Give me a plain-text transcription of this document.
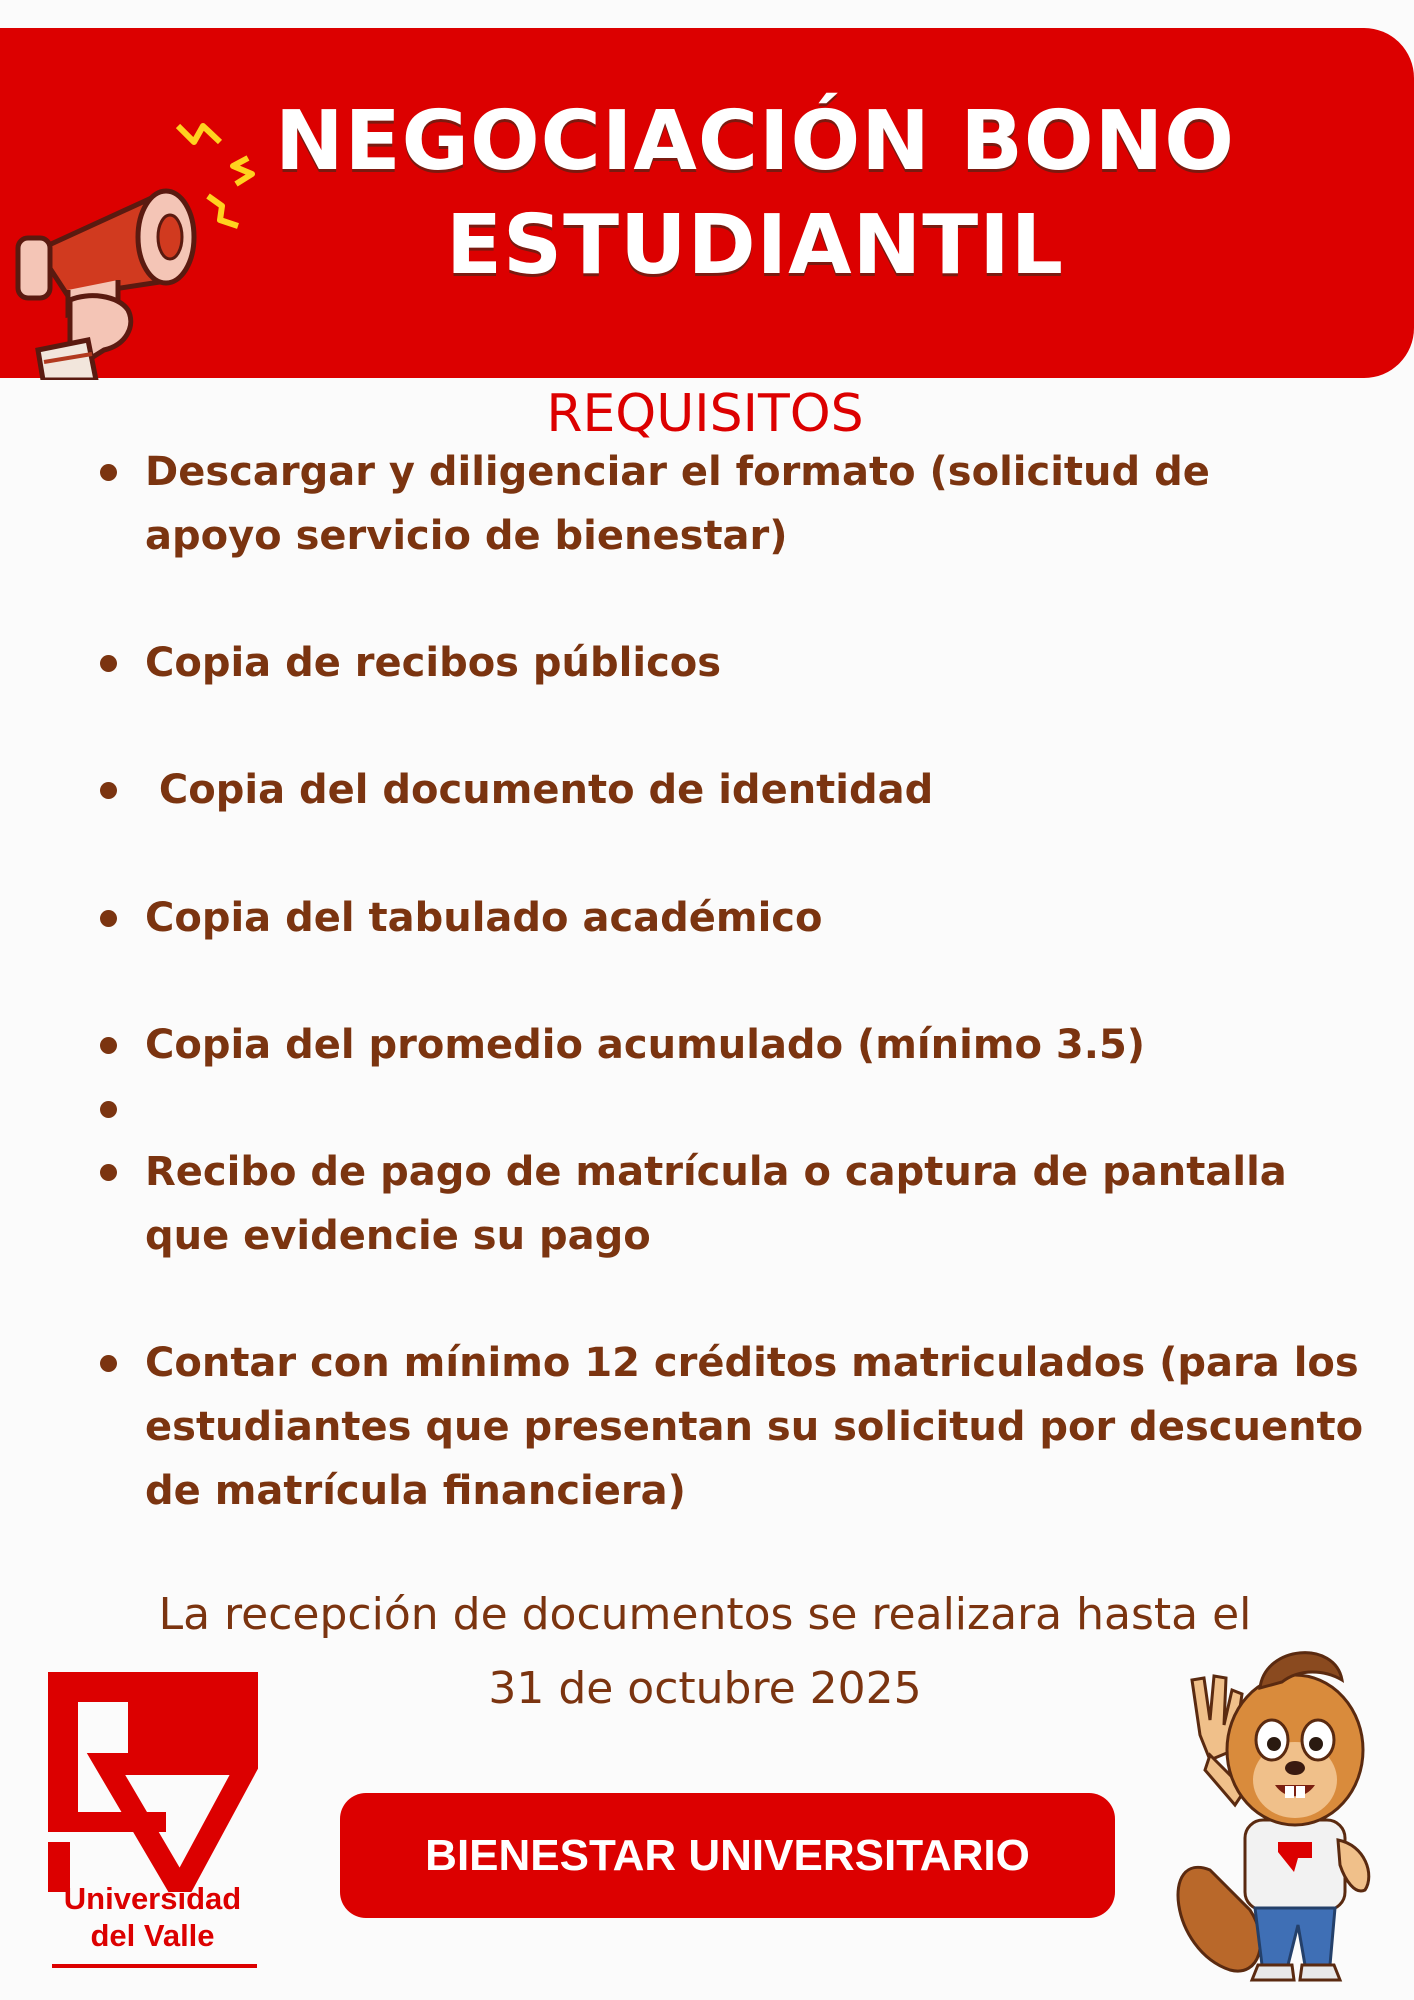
NEGOCIACIÓN BONO
ESTUDIANTIL
REQUISITOS
Descargar y diligenciar el formato (solicitud de
apoyo servicio de bienestar)
Copia de recibos públicos
Copia del documento de identidad
Copia del tabulado académico
Copia del promedio acumulado (mínimo 3.5)
Recibo de pago de matrícula o captura de pantalla
que evidencie su pago
Contar con mínimo 12 créditos matriculados (para los
estudiantes que presentan su solicitud por descuento
de matrícula financiera)
La recepción de documentos se realizara hasta el
31 de octubre 2025
Universidad
del Valle
BIENESTAR UNIVERSITARIO
